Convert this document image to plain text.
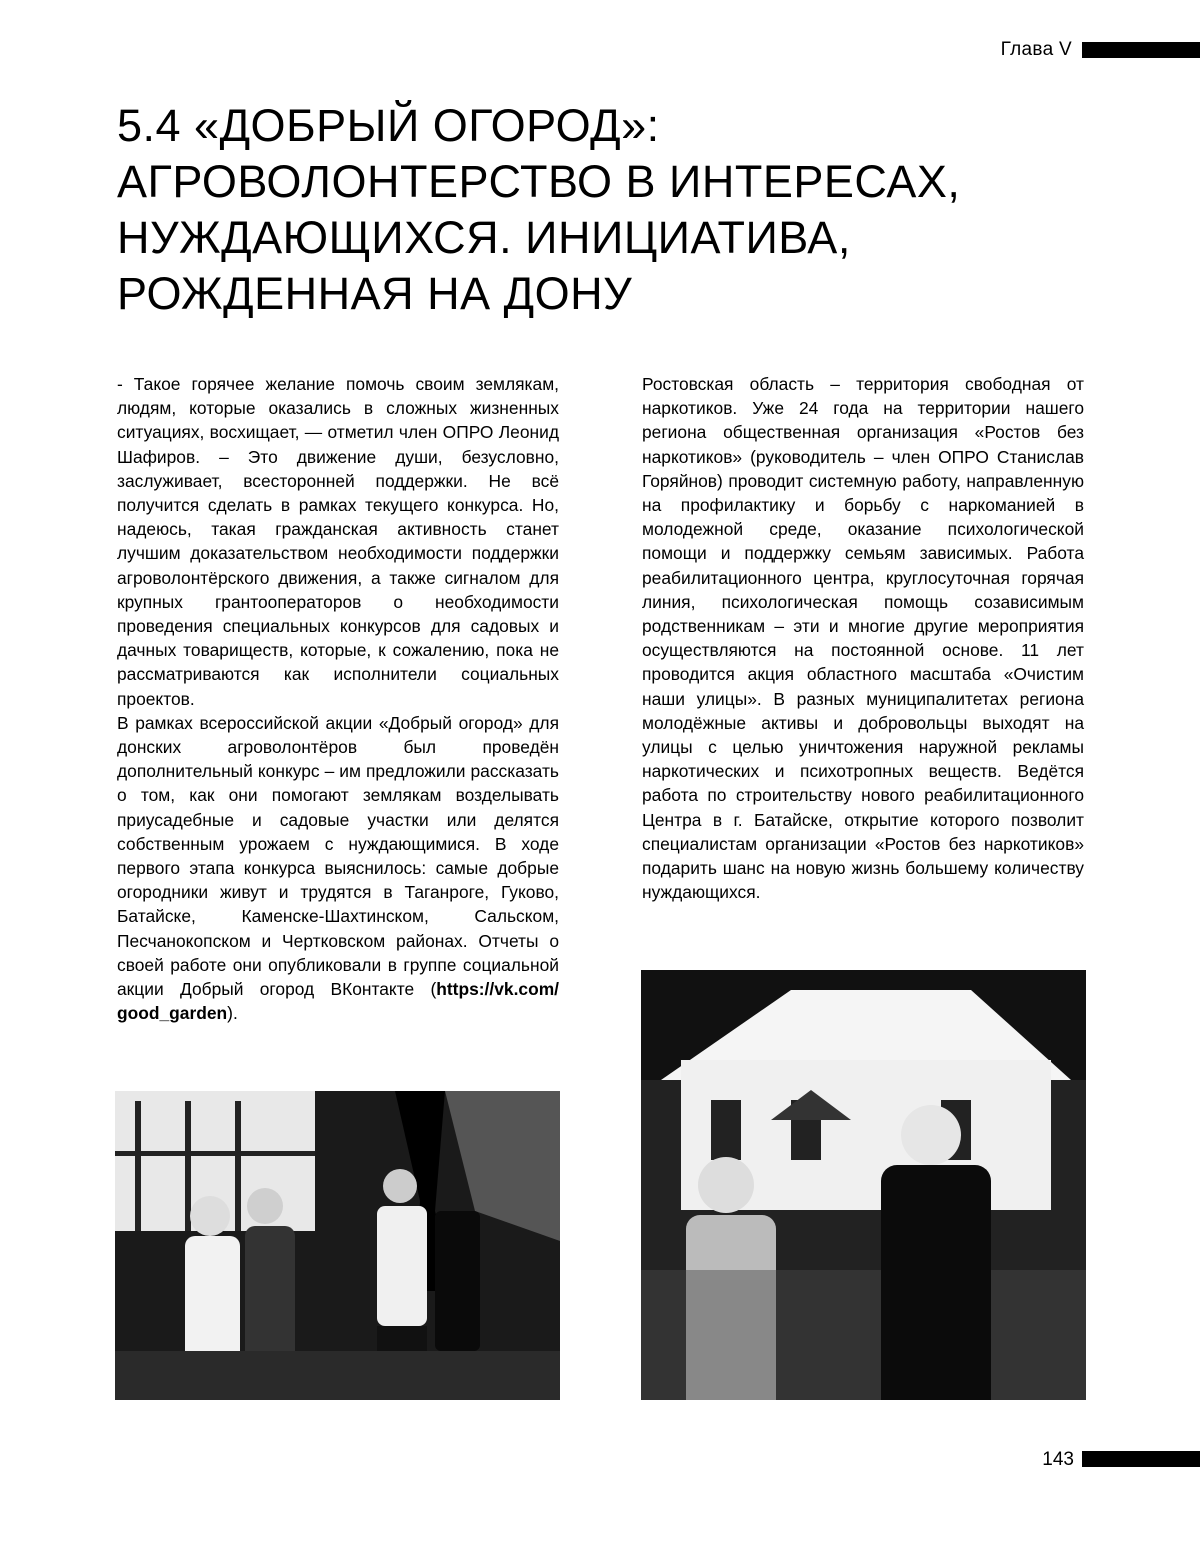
Глава V
5.4 «ДОБРЫЙ ОГОРОД»:
АГРОВОЛОНТЕРСТВО В ИНТЕРЕСАХ,
НУЖДАЮЩИХСЯ. ИНИЦИАТИВА,
РОЖДЕННАЯ НА ДОНУ

- Такое горячее желание помочь своим землякам, людям, которые оказались в сложных жизненных ситуациях, восхищает, — отметил член ОПРО Леонид Шафиров. – Это движение души, безусловно, заслуживает, всесторонней поддержки. Не всё получится сделать в рамках текущего конкурса. Но, надеюсь, такая гражданская активность станет лучшим доказательством необходимости поддержки агроволонтёрского движения, а также сигналом для крупных грантооператоров о необходимости проведения специальных конкурсов для садовых и дачных товариществ, которые, к сожалению, пока не рассматриваются как исполнители социальных проектов.

В рамках всероссийской акции «Добрый огород» для донских агроволонтёров был проведён дополнительный конкурс – им предложили рассказать о том, как они помогают землякам возделывать приусадебные и садовые участки или делятся собственным урожаем с нуждающимися. В ходе первого этапа конкурса выяснилось: самые добрые огородники живут и трудятся в Таганроге, Гуково, Батайске, Каменске-Шахтинском, Сальском, Песчанокопском и Чертковском районах. Отчеты о своей работе они опубликовали в группе социальной акции Добрый огород ВКонтакте (https://vk.com/ good_garden).

Ростовская область – территория свободная от наркотиков. Уже 24 года на территории нашего региона общественная организация «Ростов без наркотиков» (руководитель – член ОПРО Станислав Горяйнов) проводит системную работу, направленную на профилактику и борьбу с наркоманией в молодежной среде, оказание психологической помощи и поддержку семьям зависимых. Работа реабилитационного центра, круглосуточная горячая линия, психологическая помощь созависимым родственникам – эти и многие другие мероприятия осуществляются на постоянной основе. 11 лет проводится акция областного масштаба «Очистим наши улицы». В разных муниципалитетах региона молодёжные активы и добровольцы выходят на улицы с целью уничтожения наружной рекламы наркотических и психотропных веществ. Ведётся работа по строительству нового реабилитационного Центра в г. Батайске, открытие которого позволит специалистам организации «Ростов без наркотиков» подарить шанс на новую жизнь большему количеству нуждающихся.

143
